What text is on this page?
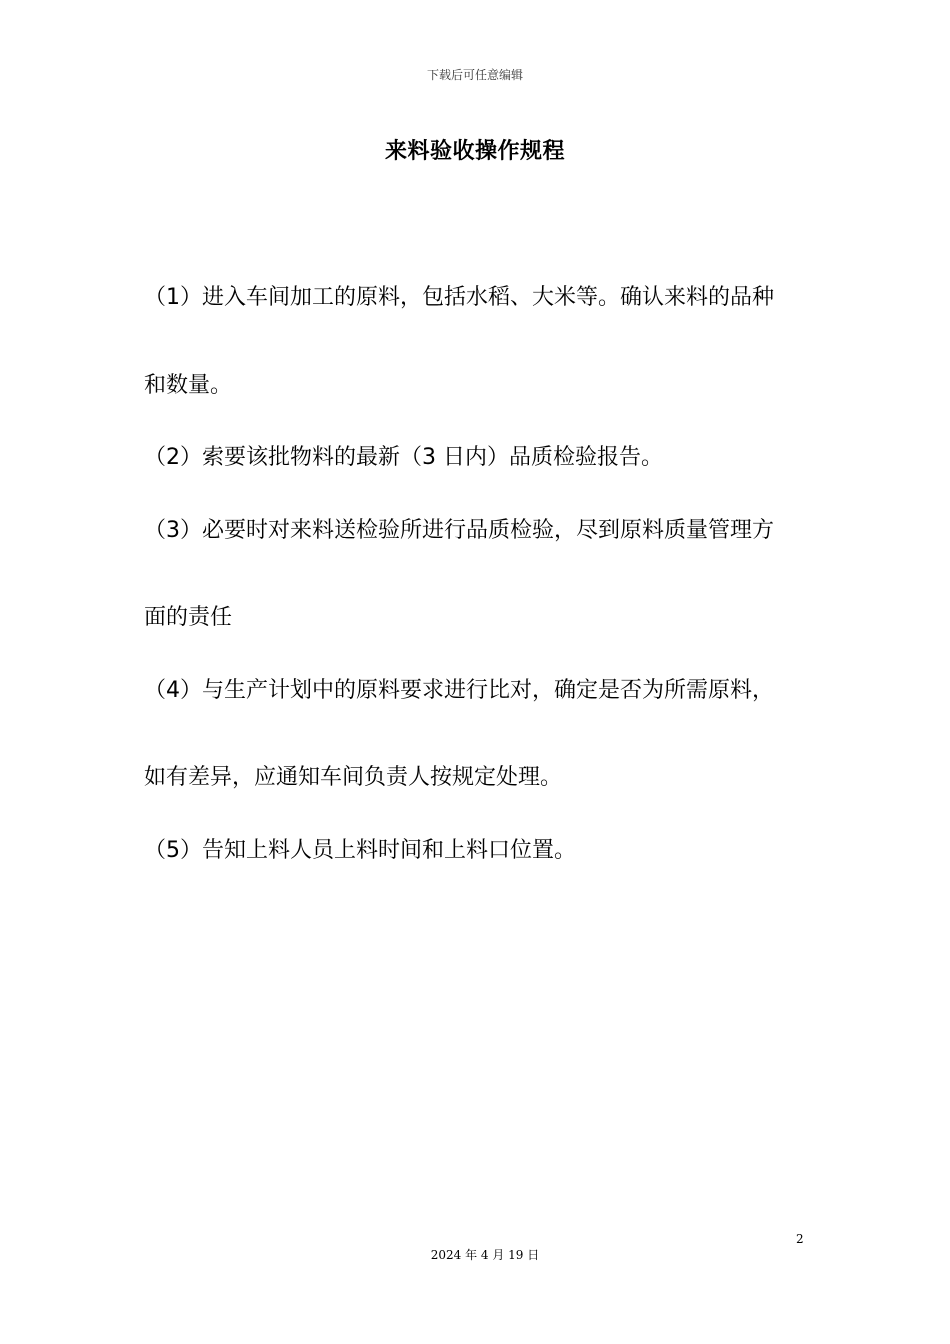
下载后可任意编辑
来料验收操作规程
（1）进入车间加工的原料，包括水稻、大米等。确认来料的品种
和数量。
（2）索要该批物料的最新（3 日内）品质检验报告。
（3）必要时对来料送检验所进行品质检验，尽到原料质量管理方
面的责任
（4）与生产计划中的原料要求进行比对，确定是否为所需原料，
如有差异，应通知车间负责人按规定处理。
（5）告知上料人员上料时间和上料口位置。
2
2024 年 4 月 19 日
